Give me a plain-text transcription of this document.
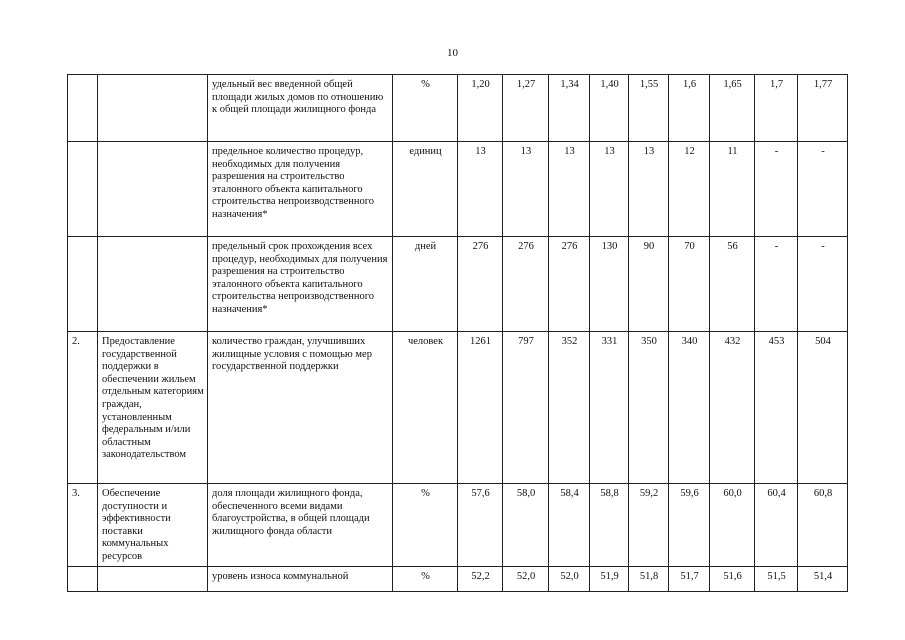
10
		удельный вес введенной общей площади жилых домов по отношению к общей площади жилищного фонда	%	1,20	1,27	1,34	1,40	1,55	1,6	1,65	1,7	1,77
		предельное количество процедур, необходимых для получения разрешения на строительство эталонного объекта капитального строительства непроизводственного назначения*	единиц	13	13	13	13	13	12	11	-	-
		предельный срок прохождения всех процедур, необходимых для получения разрешения на строительство эталонного объекта капитального строительства непроизводственного назначения*	дней	276	276	276	130	90	70	56	-	-
2.	Предоставление государственной поддержки в обеспечении жильем отдельным категориям граждан, установленным федеральным и/или областным законодательством	количество граждан, улучшивших жилищные условия с помощью мер государственной поддержки	человек	1261	797	352	331	350	340	432	453	504
3.	Обеспечение доступности и эффективности поставки коммунальных ресурсов	доля площади жилищного фонда, обеспеченного всеми видами благоустройства, в общей площади жилищного фонда области	%	57,6	58,0	58,4	58,8	59,2	59,6	60,0	60,4	60,8
		уровень износа коммунальной	%	52,2	52,0	52,0	51,9	51,8	51,7	51,6	51,5	51,4
